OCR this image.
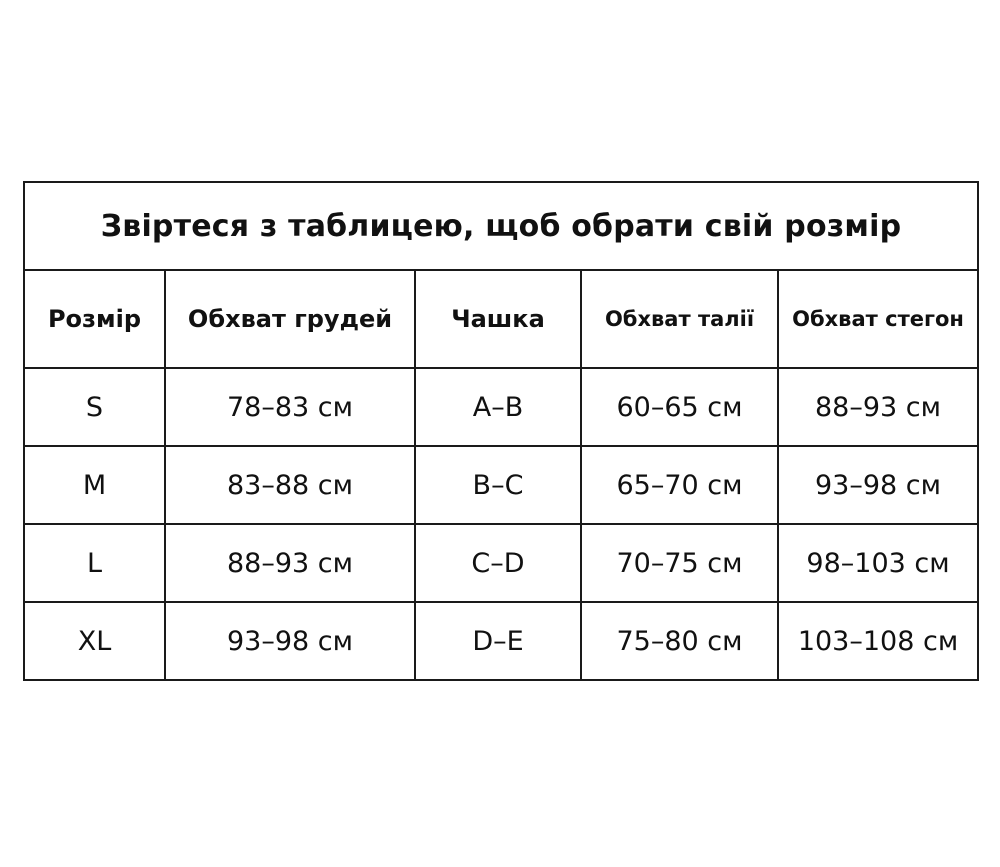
Звіртеся з таблицею, щоб обрати свій розмір				
Розмір	Обхват грудей	Чашка	Обхват талії	Обхват стегон
S	78–83 см	A–B	60–65 см	88–93 см
M	83–88 см	B–C	65–70 см	93–98 см
L	88–93 см	C–D	70–75 см	98–103 см
XL	93–98 см	D–E	75–80 см	103–108 см
